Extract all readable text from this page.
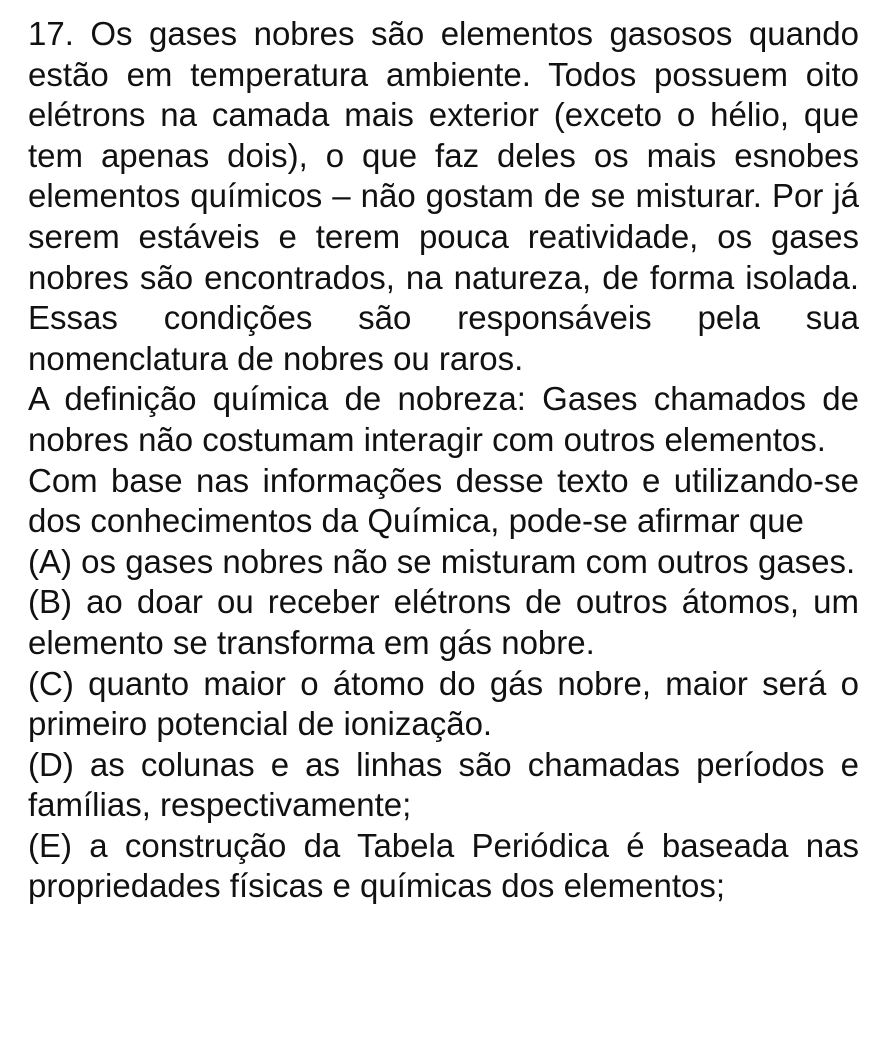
17. Os gases nobres são elementos gasosos quando estão em temperatura ambiente. Todos possuem oito elétrons na camada mais exterior (exceto o hélio, que tem apenas dois), o que faz deles os mais esnobes elementos químicos – não gostam de se misturar. Por já serem estáveis e terem pouca reatividade, os gases nobres são encontrados, na natureza, de forma isolada. Essas condições são responsáveis pela sua nomenclatura de nobres ou raros.

A definição química de nobreza: Gases chamados de nobres não costumam interagir com outros elementos.

Com base nas informações desse texto e utilizando-se dos conhecimentos da Química, pode-se afirmar que

(A) os gases nobres não se misturam com outros gases.

(B) ao doar ou receber elétrons de outros átomos, um elemento se transforma em gás nobre.

(C) quanto maior o átomo do gás nobre, maior será o primeiro potencial de ionização.

(D) as colunas e as linhas são chamadas períodos e famílias, respectivamente;

(E) a construção da Tabela Periódica é baseada nas propriedades físicas e químicas dos elementos;
